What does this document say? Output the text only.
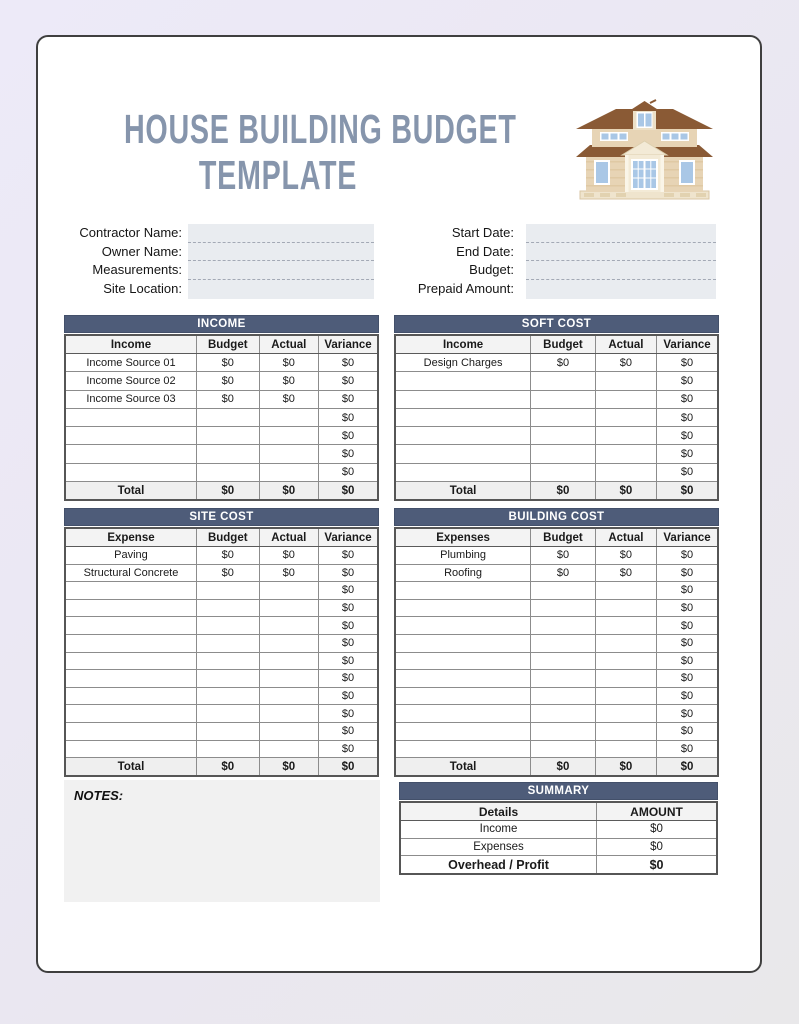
HOUSE BUILDING BUDGET
TEMPLATE
Contractor Name:
Owner Name:
Measurements:
Site Location:
Start Date:
End Date:
Budget:
Prepaid Amount:
INCOME
Income	Budget	Actual	Variance
Income Source 01	$0	$0	$0
Income Source 02	$0	$0	$0
Income Source 03	$0	$0	$0
			$0
			$0
			$0
			$0
Total	$0	$0	$0
SOFT COST
Income	Budget	Actual	Variance
Design Charges	$0	$0	$0
			$0
			$0
			$0
			$0
			$0
			$0
Total	$0	$0	$0
SITE COST
Expense	Budget	Actual	Variance
Paving	$0	$0	$0
Structural Concrete	$0	$0	$0
			$0
			$0
			$0
			$0
			$0
			$0
			$0
			$0
			$0
			$0
Total	$0	$0	$0
BUILDING COST
Expenses	Budget	Actual	Variance
Plumbing	$0	$0	$0
Roofing	$0	$0	$0
			$0
			$0
			$0
			$0
			$0
			$0
			$0
			$0
			$0
			$0
Total	$0	$0	$0
NOTES:	SUMMARY
Details	AMOUNT
Income	$0
Expenses	$0
Overhead / Profit	$0
